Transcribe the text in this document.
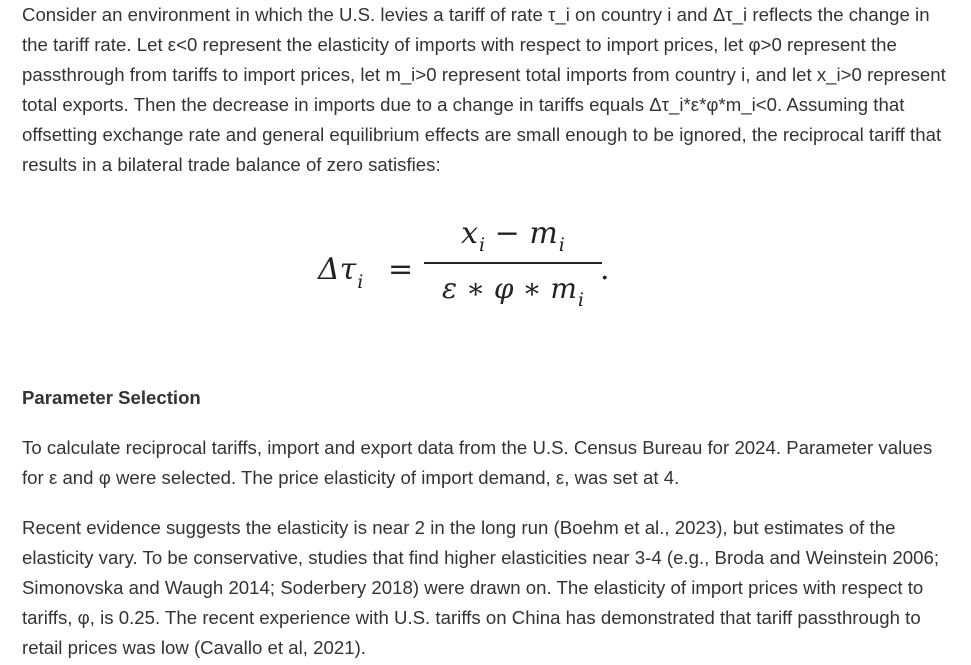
Consider an environment in which the U.S. levies a tariff of rate τ_i on country i and Δτ_i reflects the change in the tariff rate. Let ε<0 represent the elasticity of imports with respect to import prices, let φ>0 represent the passthrough from tariffs to import prices, let m_i>0 represent total imports from country i, and let x_i>0 represent total exports. Then the decrease in imports due to a change in tariffs equals Δτ_i*ε*φ*m_i<0. Assuming that offsetting exchange rate and general equilibrium effects are small enough to be ignored, the reciprocal tariff that results in a bilateral trade balance of zero satisfies:

$\Delta\tau_i$ =
$x_i - m_i$
ε ∗ φ ∗ $m_i$
.
Parameter Selection

To calculate reciprocal tariffs, import and export data from the U.S. Census Bureau for 2024. Parameter values for ε and φ were selected. The price elasticity of import demand, ε, was set at 4.

Recent evidence suggests the elasticity is near 2 in the long run (Boehm et al., 2023), but estimates of the elasticity vary. To be conservative, studies that find higher elasticities near 3-4 (e.g., Broda and Weinstein 2006; Simonovska and Waugh 2014; Soderbery 2018) were drawn on. The elasticity of import prices with respect to tariffs, φ, is 0.25. The recent experience with U.S. tariffs on China has demonstrated that tariff passthrough to retail prices was low (Cavallo et al, 2021).
